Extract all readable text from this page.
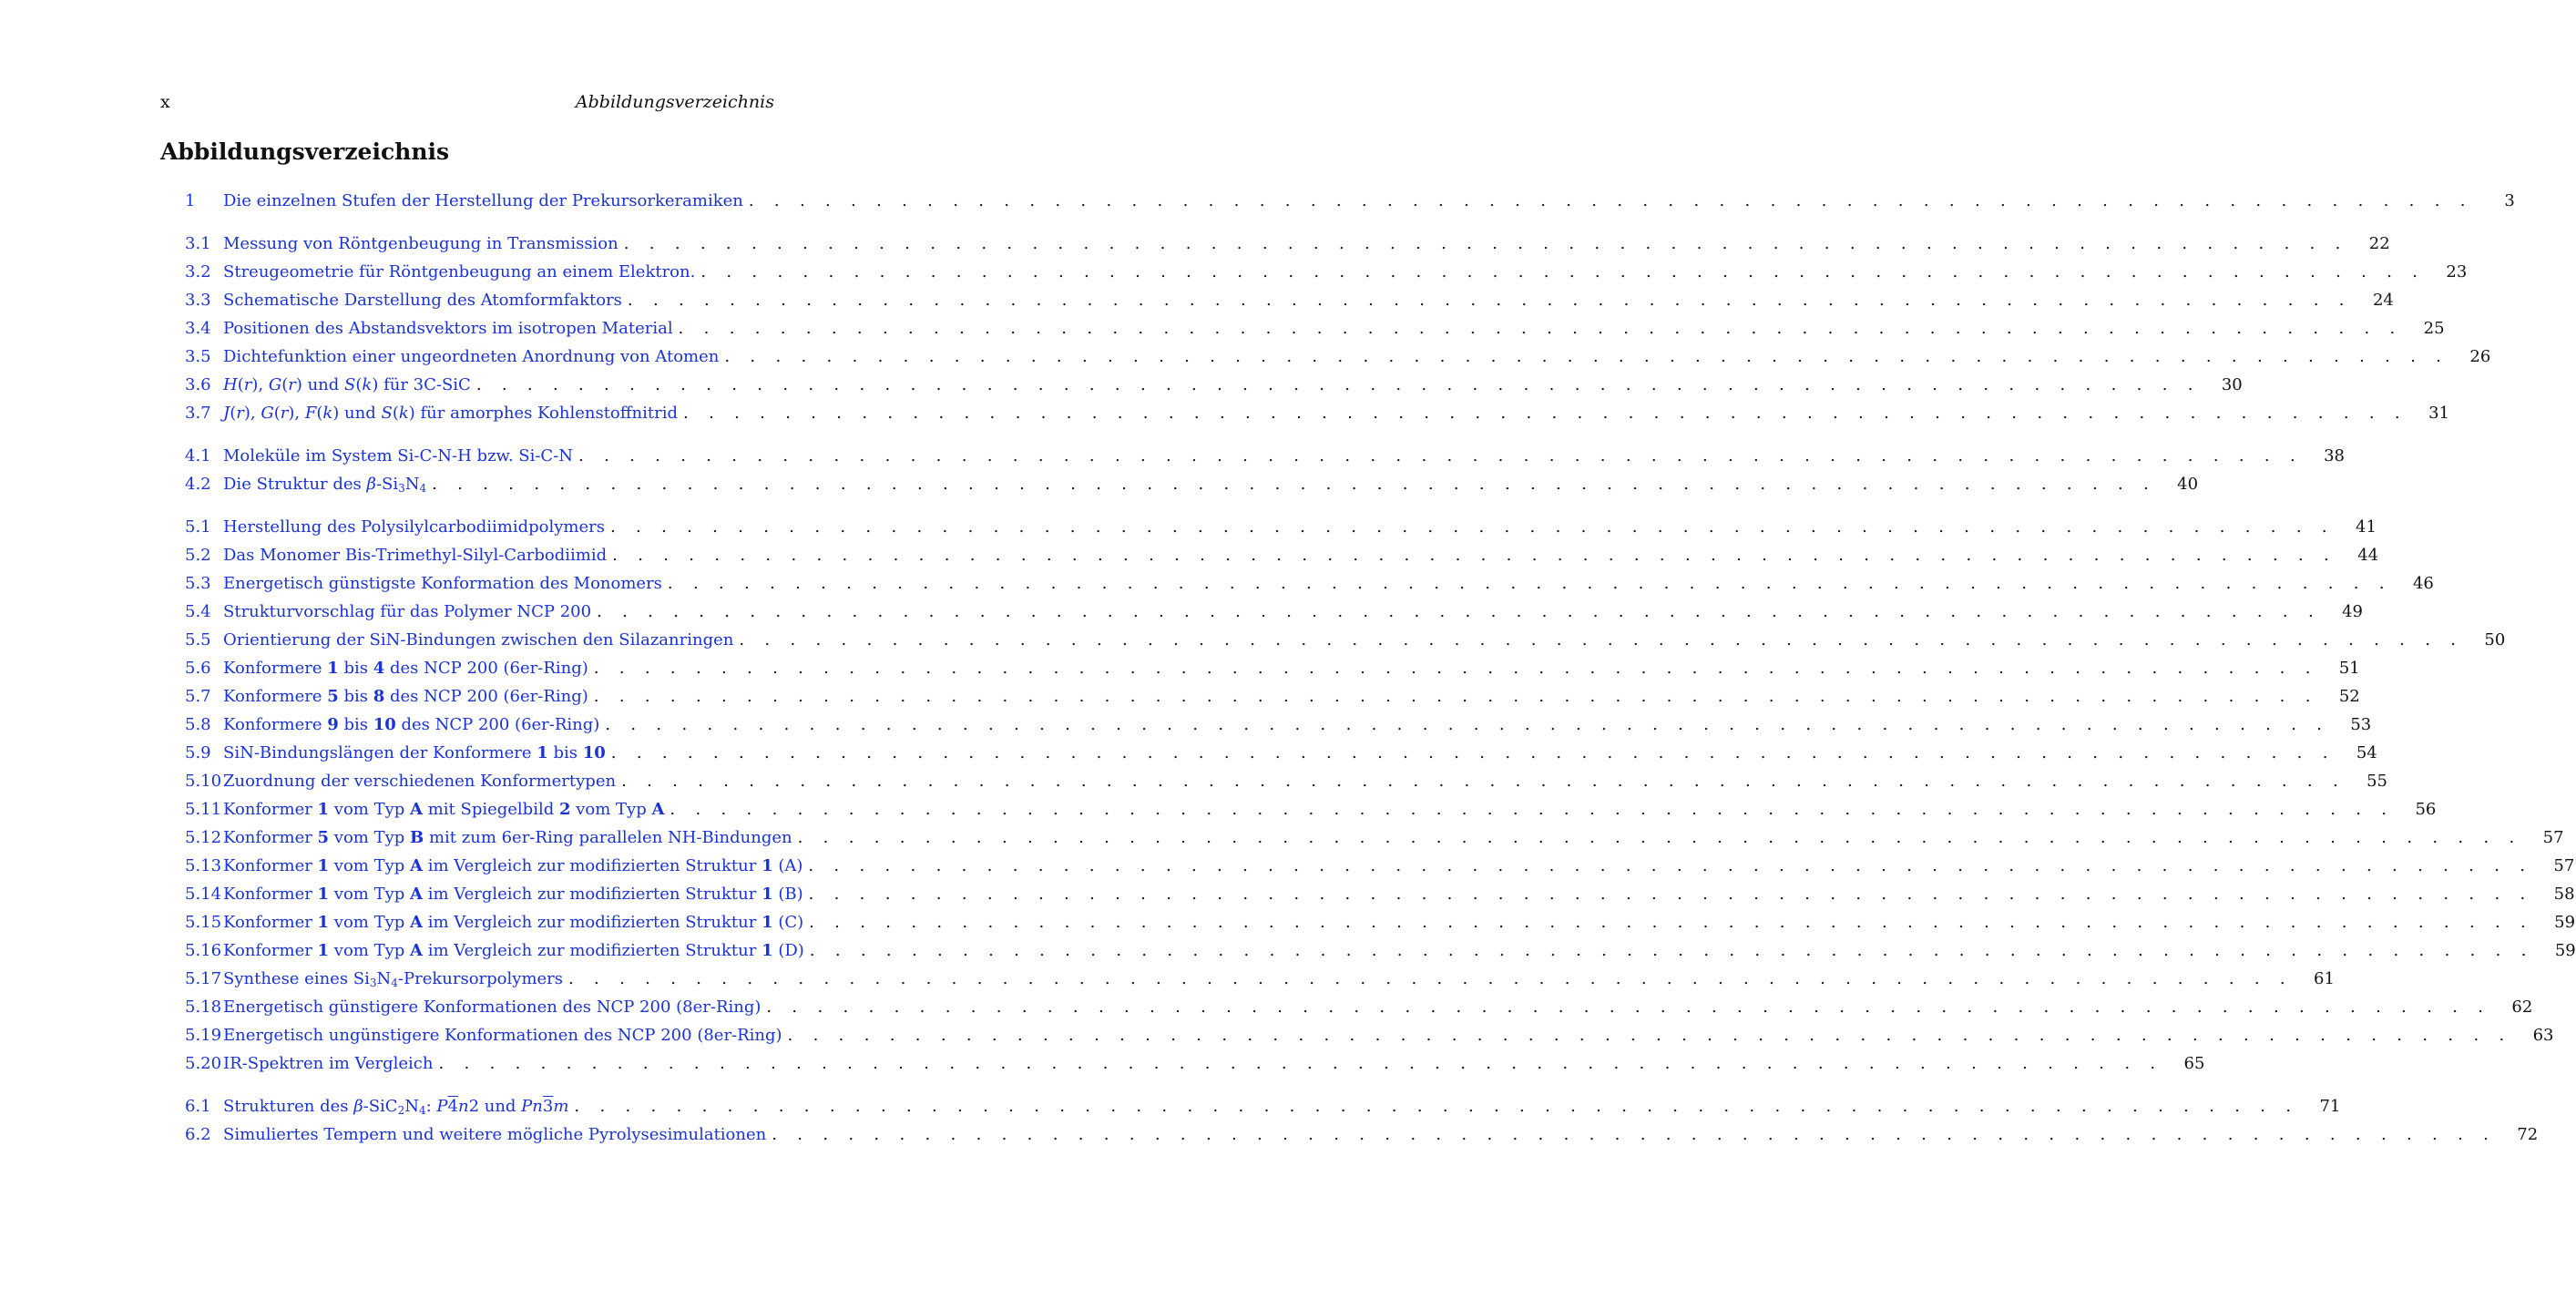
x	Abbildungsverzeichnis
Abbildungsverzeichnis
1 Die einzelnen Stufen der Herstellung der Prekursorkeramiken . . . . . . . . . . . . . . . . . . . . . . . . . . . . . . . . . . . . . . . . . . . . . . . . . . . . . . . . . . . . . . . . . . . .	3
3.1 Messung von Röntgenbeugung in Transmission . . . . . . . . . . . . . . . . . . . . . . . . . . . . . . . . . . . . . . . . . . . . . . . . . . . . . . . . . . . . . . . . . . . . 22
3.2 Streugeometrie für Röntgenbeugung an einem Elektron. . . . . . . . . . . . . . . . . . . . . . . . . . . . . . . . . . . . . . . . . . . . . . . . . . . . . . . . . . . . . . . . . . . . . 23
3.3 Schematische Darstellung des Atomformfaktors . . . . . . . . . . . . . . . . . . . . . . . . . . . . . . . . . . . . . . . . . . . . . . . . . . . . . . . . . . . . . . . . . . . . 24
3.4 Positionen des Abstandsvektors im isotropen Material . . . . . . . . . . . . . . . . . . . . . . . . . . . . . . . . . . . . . . . . . . . . . . . . . . . . . . . . . . . . . . . . . . . . 25
3.5 Dichtefunktion einer ungeordneten Anordnung von Atomen . . . . . . . . . . . . . . . . . . . . . . . . . . . . . . . . . . . . . . . . . . . . . . . . . . . . . . . . . . . . . . . . . . . . 26
3.6 H(r), G(r) und S(k) für 3C-SiC . . . . . . . . . . . . . . . . . . . . . . . . . . . . . . . . . . . . . . . . . . . . . . . . . . . . . . . . . . . . . . . . . . . . 30
3.7 J(r), G(r), F(k) und S(k) für amorphes Kohlenstoffnitrid . . . . . . . . . . . . . . . . . . . . . . . . . . . . . . . . . . . . . . . . . . . . . . . . . . . . . . . . . . . . . . . . . . . . 31
4.1 Moleküle im System Si-C-N-H bzw. Si-C-N . . . . . . . . . . . . . . . . . . . . . . . . . . . . . . . . . . . . . . . . . . . . . . . . . . . . . . . . . . . . . . . . . . . . 38
4.2 Die Struktur des $\beta-Si_3N_4$ . . . . . . . . . . . . . . . . . . . . . . . . . . . . . . . . . . . . . . . . . . . . . . . . . . . . . . . . . . . . . . . . . . . . 40
5.1 Herstellung des Polysilylcarbodiimidpolymers . . . . . . . . . . . . . . . . . . . . . . . . . . . . . . . . . . . . . . . . . . . . . . . . . . . . . . . . . . . . . . . . . . . . 41
5.2 Das Monomer Bis-Trimethyl-Silyl-Carbodiimid . . . . . . . . . . . . . . . . . . . . . . . . . . . . . . . . . . . . . . . . . . . . . . . . . . . . . . . . . . . . . . . . . . . . 44
5.3 Energetisch günstigste Konformation des Monomers . . . . . . . . . . . . . . . . . . . . . . . . . . . . . . . . . . . . . . . . . . . . . . . . . . . . . . . . . . . . . . . . . . . . 46
5.4 Strukturvorschlag für das Polymer NCP 200 . . . . . . . . . . . . . . . . . . . . . . . . . . . . . . . . . . . . . . . . . . . . . . . . . . . . . . . . . . . . . . . . . . . . 49
5.5 Orientierung der SiN-Bindungen zwischen den Silazanringen . . . . . . . . . . . . . . . . . . . . . . . . . . . . . . . . . . . . . . . . . . . . . . . . . . . . . . . . . . . . . . . . . . . . 50
5.6 Konformere 1 bis 4 des NCP 200 (6er-Ring) . . . . . . . . . . . . . . . . . . . . . . . . . . . . . . . . . . . . . . . . . . . . . . . . . . . . . . . . . . . . . . . . . . . . 51
5.7 Konformere 5 bis 8 des NCP 200 (6er-Ring) . . . . . . . . . . . . . . . . . . . . . . . . . . . . . . . . . . . . . . . . . . . . . . . . . . . . . . . . . . . . . . . . . . . . 52
5.8 Konformere 9 bis 10 des NCP 200 (6er-Ring) . . . . . . . . . . . . . . . . . . . . . . . . . . . . . . . . . . . . . . . . . . . . . . . . . . . . . . . . . . . . . . . . . . . . 53
5.9 SiN-Bindungslängen der Konformere 1 bis 10 . . . . . . . . . . . . . . . . . . . . . . . . . . . . . . . . . . . . . . . . . . . . . . . . . . . . . . . . . . . . . . . . . . . . 54
5.10 Zuordnung der verschiedenen Konformertypen . . . . . . . . . . . . . . . . . . . . . . . . . . . . . . . . . . . . . . . . . . . . . . . . . . . . . . . . . . . . . . . . . . . . 55
5.11 Konformer 1 vom Typ A mit Spiegelbild 2 vom Typ A . . . . . . . . . . . . . . . . . . . . . . . . . . . . . . . . . . . . . . . . . . . . . . . . . . . . . . . . . . . . . . . . . . . . 56
5.12 Konformer 5 vom Typ B mit zum 6er-Ring parallelen NH-Bindungen . . . . . . . . . . . . . . . . . . . . . . . . . . . . . . . . . . . . . . . . . . . . . . . . . . . . . . . . . . . . . . . . . . . . 57
5.13 Konformer 1 vom Typ A im Vergleich zur modifizierten Struktur 1 (A) . . . . . . . . . . . . . . . . . . . . . . . . . . . . . . . . . . . . . . . . . . . . . . . . . . . . . . . . . . . . . . . . . . . . 57
5.14 Konformer 1 vom Typ A im Vergleich zur modifizierten Struktur 1 (B) . . . . . . . . . . . . . . . . . . . . . . . . . . . . . . . . . . . . . . . . . . . . . . . . . . . . . . . . . . . . . . . . . . . . 58
5.15 Konformer 1 vom Typ A im Vergleich zur modifizierten Struktur 1 (C) . . . . . . . . . . . . . . . . . . . . . . . . . . . . . . . . . . . . . . . . . . . . . . . . . . . . . . . . . . . . . . . . . . . . 59
5.16 Konformer 1 vom Typ A im Vergleich zur modifizierten Struktur 1 (D) . . . . . . . . . . . . . . . . . . . . . . . . . . . . . . . . . . . . . . . . . . . . . . . . . . . . . . . . . . . . . . . . . . . . 59
5.17 Synthese eines $Si_3N_4$-Prekursorpolymers . . . . . . . . . . . . . . . . . . . . . . . . . . . . . . . . . . . . . . . . . . . . . . . . . . . . . . . . . . . . . . . . . . . . 61
5.18 Energetisch günstigere Konformationen des NCP 200 (8er-Ring) . . . . . . . . . . . . . . . . . . . . . . . . . . . . . . . . . . . . . . . . . . . . . . . . . . . . . . . . . . . . . . . . . . . . 62
5.19 Energetisch ungünstigere Konformationen des NCP 200 (8er-Ring) . . . . . . . . . . . . . . . . . . . . . . . . . . . . . . . . . . . . . . . . . . . . . . . . . . . . . . . . . . . . . . . . . . . . 63
5.20 IR-Spektren im Vergleich . . . . . . . . . . . . . . . . . . . . . . . . . . . . . . . . . . . . . . . . . . . . . . . . . . . . . . . . . . . . . . . . . . . . 65
6.1 Strukturen des $\beta-SiC_2N_4$: P4n2 und Pn3m . . . . . . . . . . . . . . . . . . . . . . . . . . . . . . . . . . . . . . . . . . . . . . . . . . . . . . . . . . . . . . . . . . . . 71
6.2 Simuliertes Tempern und weitere mögliche Pyrolysesimulationen . . . . . . . . . . . . . . . . . . . . . . . . . . . . . . . . . . . . . . . . . . . . . . . . . . . . . . . . . . . . . . . . . . . . 72
